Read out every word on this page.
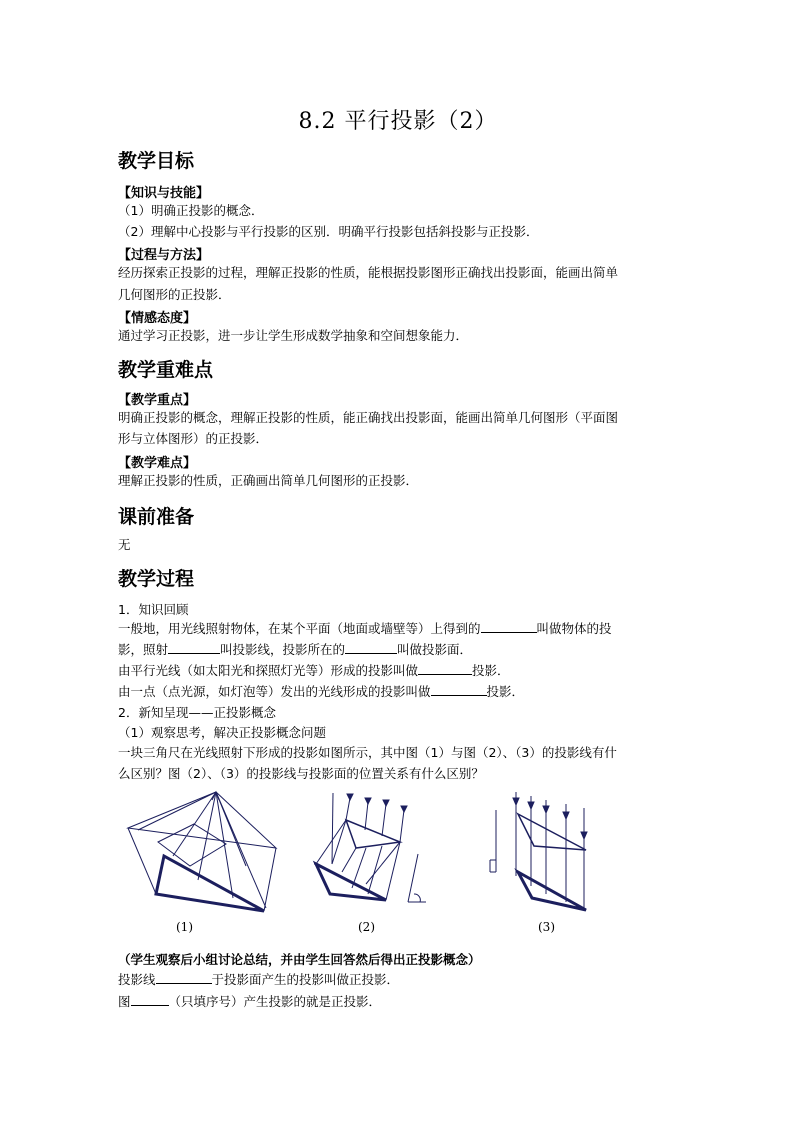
8.2 平行投影（2）
教学目标
【知识与技能】
（1）明确正投影的概念．
（2）理解中心投影与平行投影的区别．明确平行投影包括斜投影与正投影．
【过程与方法】
经历探索正投影的过程，理解正投影的性质，能根据投影图形正确找出投影面，能画出简单
几何图形的正投影．
【情感态度】
通过学习正投影，进一步让学生形成数学抽象和空间想象能力．
教学重难点
【教学重点】
明确正投影的概念，理解正投影的性质，能正确找出投影面，能画出简单几何图形（平面图
形与立体图形）的正投影．
【教学难点】
理解正投影的性质，正确画出简单几何图形的正投影．
课前准备
无
教学过程
1．知识回顾
一般地，用光线照射物体，在某个平面（地面或墙壁等）上得到的	叫做物体的投
影，照射	叫投影线，投影所在的	叫做投影面．
由平行光线（如太阳光和探照灯光等）形成的投影叫做	投影．
由一点（点光源，如灯泡等）发出的光线形成的投影叫做	投影．
2．新知呈现——正投影概念
（1）观察思考，解决正投影概念问题
一块三角尺在光线照射下形成的投影如图所示，其中图（1）与图（2）、（3）的投影线有什
么区别？图（2）、（3）的投影线与投影面的位置关系有什么区别？
(1)	(2)	(3)
（学生观察后小组讨论总结，并由学生回答然后得出正投影概念）
投影线	于投影面产生的投影叫做正投影．
图	（只填序号）产生投影的就是正投影．
